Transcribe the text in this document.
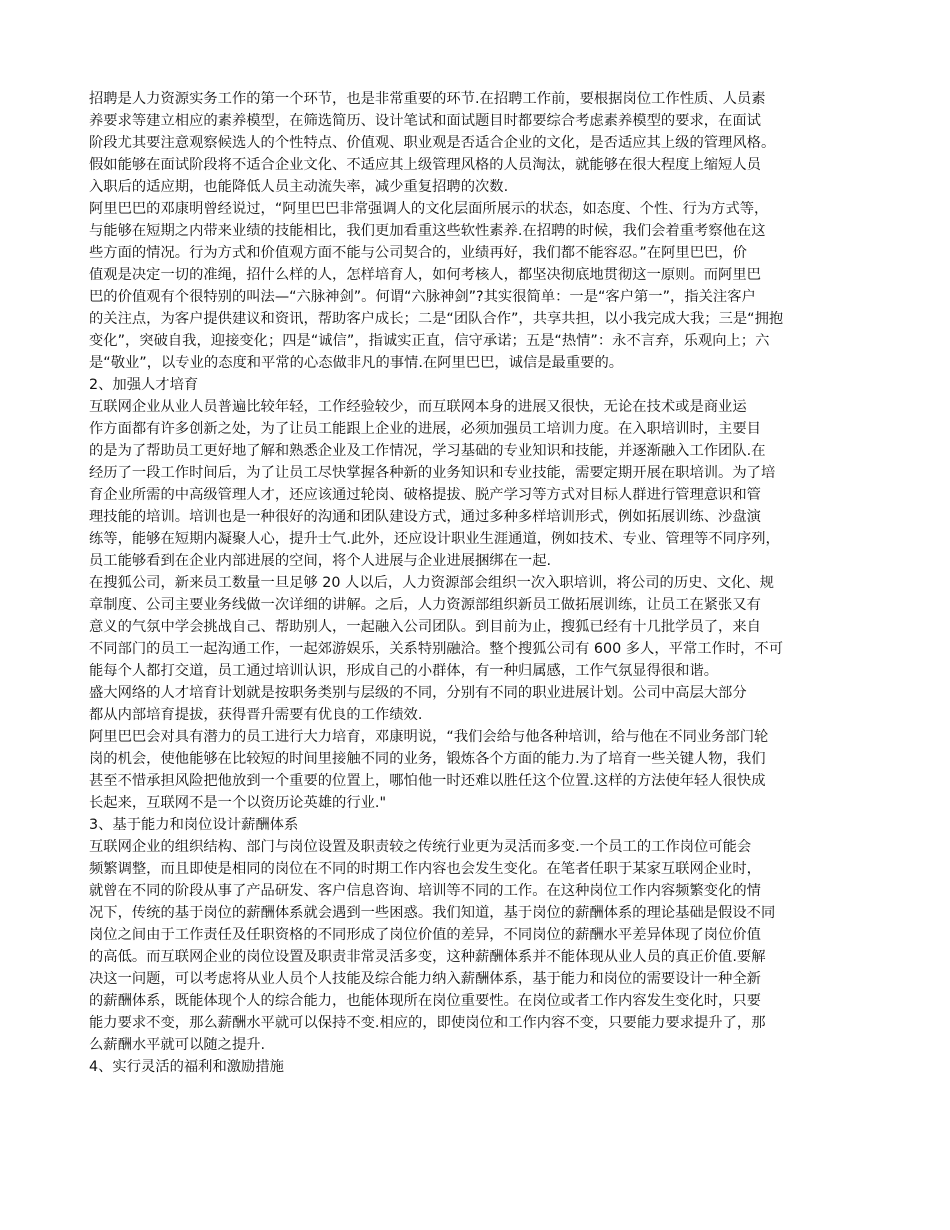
招聘是人力资源实务工作的第一个环节，也是非常重要的环节.在招聘工作前，要根据岗位工作性质、人员素
养要求等建立相应的素养模型，在筛选简历、设计笔试和面试题目时都要综合考虑素养模型的要求，在面试
阶段尤其要注意观察候选人的个性特点、价值观、职业观是否适合企业的文化，是否适应其上级的管理风格。
假如能够在面试阶段将不适合企业文化、不适应其上级管理风格的人员淘汰，就能够在很大程度上缩短人员
入职后的适应期，也能降低人员主动流失率，减少重复招聘的次数.
阿里巴巴的邓康明曾经说过，“阿里巴巴非常强调人的文化层面所展示的状态，如态度、个性、行为方式等，
与能够在短期之内带来业绩的技能相比，我们更加看重这些软性素养.在招聘的时候，我们会着重考察他在这
些方面的情况。行为方式和价值观方面不能与公司契合的，业绩再好，我们都不能容忍。”在阿里巴巴，价
值观是决定一切的准绳，招什么样的人，怎样培育人，如何考核人，都坚决彻底地贯彻这一原则。而阿里巴
巴的价值观有个很特别的叫法—“六脉神剑”。何谓“六脉神剑”?其实很简单：一是“客户第一”，指关注客户
的关注点，为客户提供建议和资讯，帮助客户成长；二是“团队合作”，共享共担，以小我完成大我；三是“拥抱
变化”，突破自我，迎接变化；四是“诚信”，指诚实正直，信守承诺；五是“热情”：永不言弃，乐观向上；六
是“敬业”，以专业的态度和平常的心态做非凡的事情.在阿里巴巴，诚信是最重要的。
2、加强人才培育
互联网企业从业人员普遍比较年轻，工作经验较少，而互联网本身的进展又很快，无论在技术或是商业运
作方面都有许多创新之处，为了让员工能跟上企业的进展，必须加强员工培训力度。在入职培训时，主要目
的是为了帮助员工更好地了解和熟悉企业及工作情况，学习基础的专业知识和技能，并逐渐融入工作团队.在
经历了一段工作时间后，为了让员工尽快掌握各种新的业务知识和专业技能，需要定期开展在职培训。为了培
育企业所需的中高级管理人才，还应该通过轮岗、破格提拔、脱产学习等方式对目标人群进行管理意识和管
理技能的培训。培训也是一种很好的沟通和团队建设方式，通过多种多样培训形式，例如拓展训练、沙盘演
练等，能够在短期内凝聚人心，提升士气.此外，还应设计职业生涯通道，例如技术、专业、管理等不同序列，
员工能够看到在企业内部进展的空间，将个人进展与企业进展捆绑在一起.
在搜狐公司，新来员工数量一旦足够 20 人以后，人力资源部会组织一次入职培训，将公司的历史、文化、规
章制度、公司主要业务线做一次详细的讲解。之后，人力资源部组织新员工做拓展训练，让员工在紧张又有
意义的气氛中学会挑战自己、帮助别人，一起融入公司团队。到目前为止，搜狐已经有十几批学员了，来自
不同部门的员工一起沟通工作，一起郊游娱乐，关系特别融洽。整个搜狐公司有 600 多人，平常工作时，不可
能每个人都打交道，员工通过培训认识，形成自己的小群体，有一种归属感，工作气氛显得很和谐。
盛大网络的人才培育计划就是按职务类别与层级的不同，分别有不同的职业进展计划。公司中高层大部分
都从内部培育提拔，获得晋升需要有优良的工作绩效.
阿里巴巴会对具有潜力的员工进行大力培育，邓康明说，“我们会给与他各种培训，给与他在不同业务部门轮
岗的机会，使他能够在比较短的时间里接触不同的业务，锻炼各个方面的能力.为了培育一些关键人物，我们
甚至不惜承担风险把他放到一个重要的位置上，哪怕他一时还难以胜任这个位置.这样的方法使年轻人很快成
长起来，互联网不是一个以资历论英雄的行业."
3、基于能力和岗位设计薪酬体系
互联网企业的组织结构、部门与岗位设置及职责较之传统行业更为灵活而多变.一个员工的工作岗位可能会
频繁调整，而且即使是相同的岗位在不同的时期工作内容也会发生变化。在笔者任职于某家互联网企业时，
就曾在不同的阶段从事了产品研发、客户信息咨询、培训等不同的工作。在这种岗位工作内容频繁变化的情
况下，传统的基于岗位的薪酬体系就会遇到一些困惑。我们知道，基于岗位的薪酬体系的理论基础是假设不同
岗位之间由于工作责任及任职资格的不同形成了岗位价值的差异，不同岗位的薪酬水平差异体现了岗位价值
的高低。而互联网企业的岗位设置及职责非常灵活多变，这种薪酬体系并不能体现从业人员的真正价值.要解
决这一问题，可以考虑将从业人员个人技能及综合能力纳入薪酬体系，基于能力和岗位的需要设计一种全新
的薪酬体系，既能体现个人的综合能力，也能体现所在岗位重要性。在岗位或者工作内容发生变化时，只要
能力要求不变，那么薪酬水平就可以保持不变.相应的，即使岗位和工作内容不变，只要能力要求提升了，那
么薪酬水平就可以随之提升.
4、实行灵活的福利和激励措施
